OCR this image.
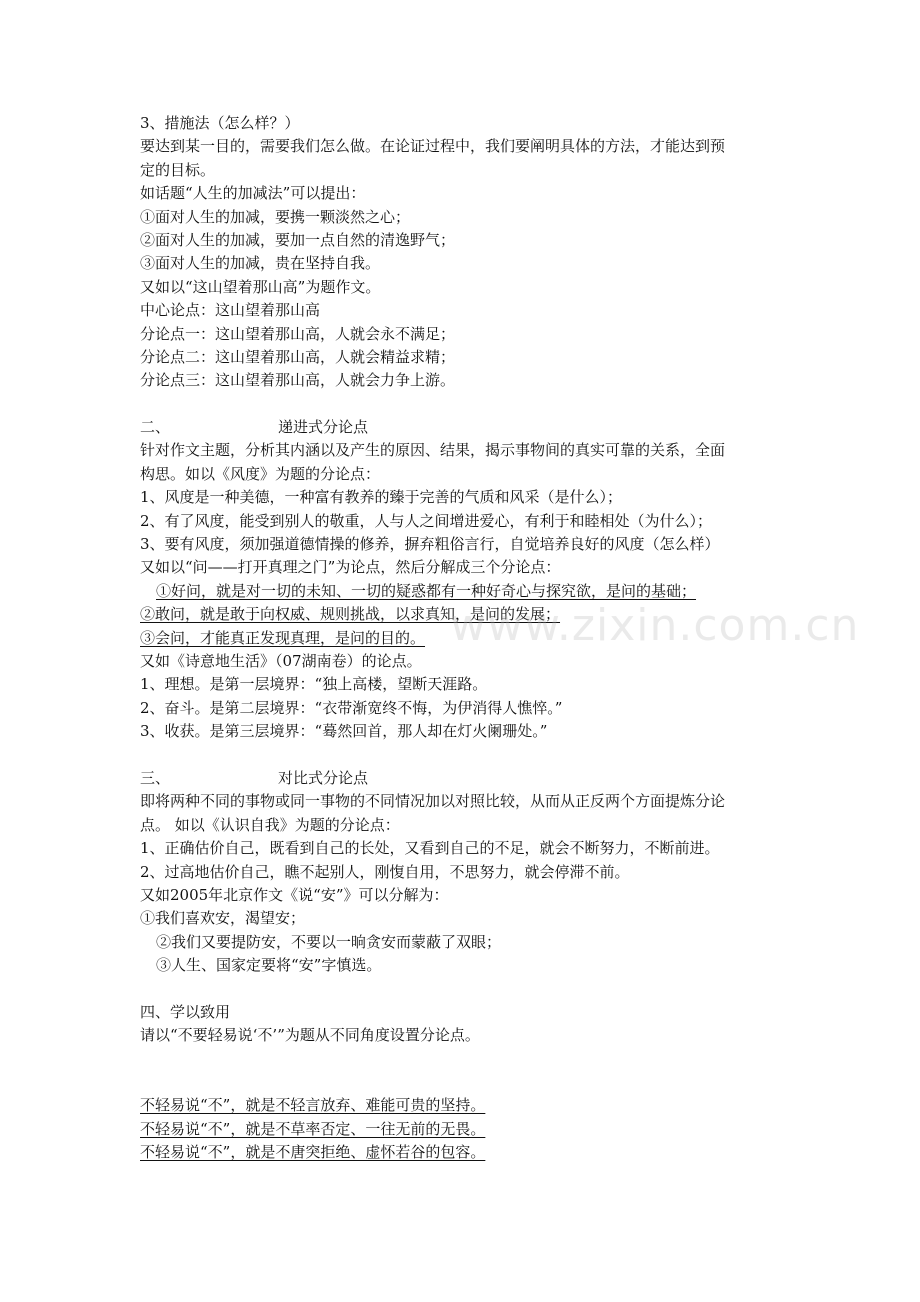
3、措施法（怎么样？）
要达到某一目的，需要我们怎么做。在论证过程中，我们要阐明具体的方法，才能达到预
定的目标。
如话题“人生的加减法”可以提出：
①面对人生的加减，要携一颗淡然之心；
②面对人生的加减，要加一点自然的清逸野气；
③面对人生的加减，贵在坚持自我。
又如以“这山望着那山高”为题作文。
中心论点：这山望着那山高
分论点一：这山望着那山高，人就会永不满足；
分论点二：这山望着那山高，人就会精益求精；
分论点三：这山望着那山高，人就会力争上游。
二、	递进式分论点
针对作文主题，分析其内涵以及产生的原因、结果，揭示事物间的真实可靠的关系，全面
构思。如以《风度》为题的分论点：
1、风度是一种美德，一种富有教养的臻于完善的气质和风采（是什么）；
2、有了风度，能受到别人的敬重，人与人之间增进爱心，有利于和睦相处（为什么）；
3、要有风度，须加强道德情操的修养，摒弃粗俗言行，自觉培养良好的风度（怎么样）
又如以“问——打开真理之门”为论点，然后分解成三个分论点：
①好问，就是对一切的未知、一切的疑惑都有一种好奇心与探究欲，是问的基础；
②敢问，就是敢于向权威、规则挑战，以求真知，是问的发展；
③会问，才能真正发现真理，是问的目的。
又如《诗意地生活》（07湖南卷）的论点。
1、理想。是第一层境界：“独上高楼，望断天涯路。
2、奋斗。是第二层境界：“衣带渐宽终不悔，为伊消得人憔悴。”
3、收获。是第三层境界：“蓦然回首，那人却在灯火阑珊处。”
三、	对比式分论点
即将两种不同的事物或同一事物的不同情况加以对照比较，从而从正反两个方面提炼分论
点。 如以《认识自我》为题的分论点：
1、正确估价自己，既看到自己的长处，又看到自己的不足，就会不断努力，不断前进。
2、过高地估价自己，瞧不起别人，刚愎自用，不思努力，就会停滞不前。
又如2005年北京作文《说“安”》可以分解为：
①我们喜欢安，渴望安；
②我们又要提防安，不要以一晌贪安而蒙蔽了双眼；
③人生、国家定要将“安”字慎选。
四、学以致用
请以“不要轻易说‘不’”为题从不同角度设置分论点。
不轻易说“不”，就是不轻言放弃、难能可贵的坚持。
不轻易说“不”，就是不草率否定、一往无前的无畏。
不轻易说“不”，就是不唐突拒绝、虚怀若谷的包容。
www.zixin.com.cn
